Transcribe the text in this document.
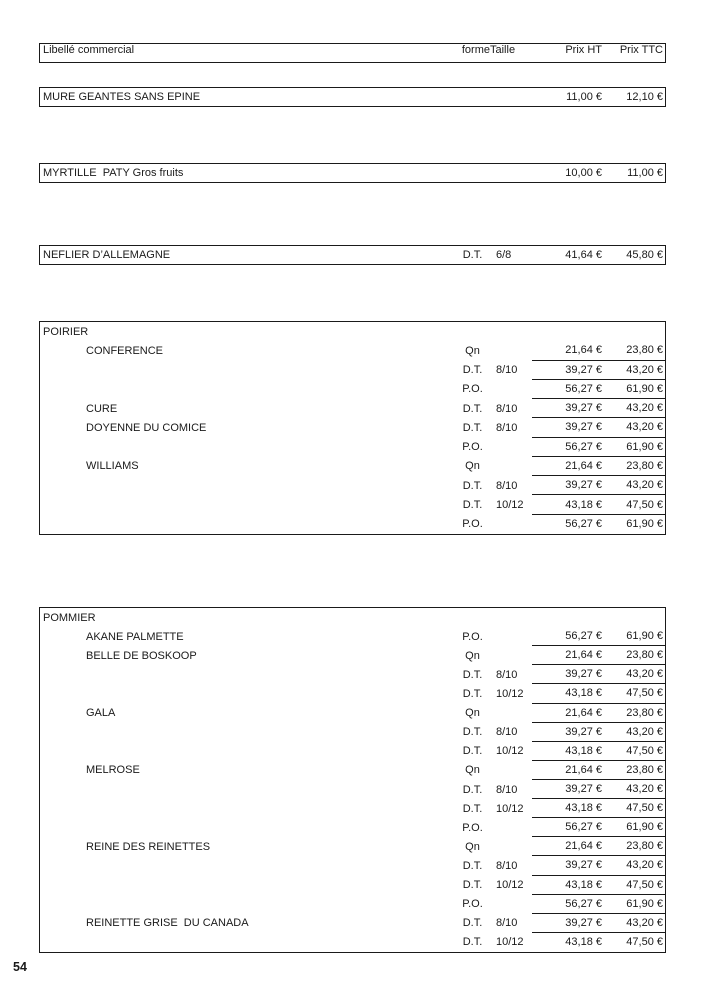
Libellé commercial	forme Taille	Prix HT	Prix TTC
MURE GEANTES SANS EPINE	11,00 €	12,10 €
MYRTILLE  PATY Gros fruits	10,00 €	11,00 €
NEFLIER D’ALLEMAGNE	D.T.	6/8	41,64 €	45,80 €
POIRIER
CONFERENCE	Qn	21,64 €	23,80 €
D.T.	8/10	39,27 €	43,20 €
P.O.	56,27 €	61,90 €
CURE	D.T.	8/10	39,27 €	43,20 €
DOYENNE DU COMICE	D.T.	8/10	39,27 €	43,20 €
P.O.	56,27 €	61,90 €
WILLIAMS	Qn	21,64 €	23,80 €
D.T.	8/10	39,27 €	43,20 €
D.T.	10/12	43,18 €	47,50 €
P.O.	56,27 €	61,90 €
POMMIER
AKANE PALMETTE	P.O.	56,27 €	61,90 €
BELLE DE BOSKOOP	Qn	21,64 €	23,80 €
D.T.	8/10	39,27 €	43,20 €
D.T.	10/12	43,18 €	47,50 €
GALA	Qn	21,64 €	23,80 €
D.T.	8/10	39,27 €	43,20 €
D.T.	10/12	43,18 €	47,50 €
MELROSE	Qn	21,64 €	23,80 €
D.T.	8/10	39,27 €	43,20 €
D.T.	10/12	43,18 €	47,50 €
P.O.	56,27 €	61,90 €
REINE DES REINETTES	Qn	21,64 €	23,80 €
D.T.	8/10	39,27 €	43,20 €
D.T.	10/12	43,18 €	47,50 €
P.O.	56,27 €	61,90 €
REINETTE GRISE  DU CANADA	D.T.	8/10	39,27 €	43,20 €
D.T.	10/12	43,18 €	47,50 €
54
